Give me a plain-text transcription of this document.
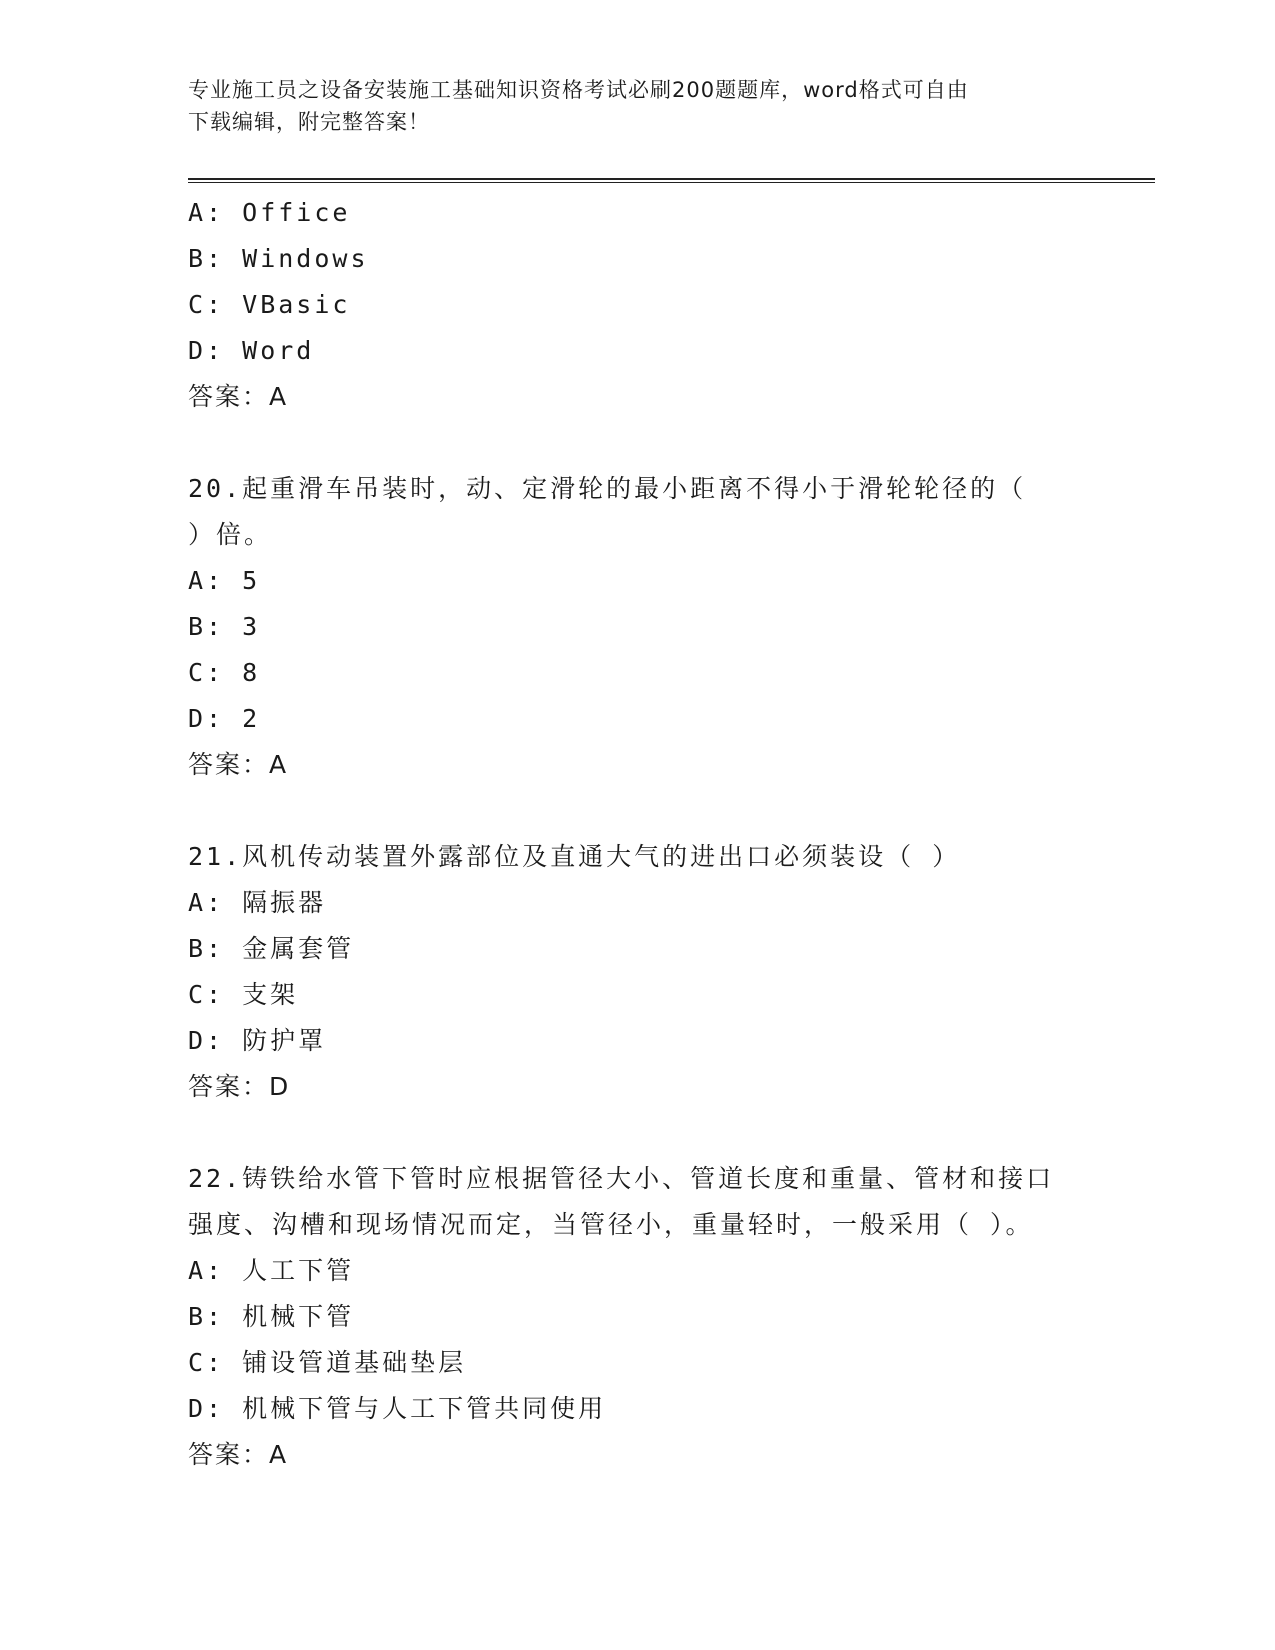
专业施工员之设备安装施工基础知识资格考试必刷200题题库，word格式可自由
下载编辑，附完整答案！
A: Office
B: Windows
C: VBasic
D: Word
答案：A
20.起重滑车吊装时，动、定滑轮的最小距离不得小于滑轮轮径的（
）倍。
A: 5
B: 3
C: 8
D: 2
答案：A
21.风机传动装置外露部位及直通大气的进出口必须装设（ ）
A: 隔振器
B: 金属套管
C: 支架
D: 防护罩
答案：D
22.铸铁给水管下管时应根据管径大小、管道长度和重量、管材和接口
强度、沟槽和现场情况而定，当管径小，重量轻时，一般采用（ ）。
A: 人工下管
B: 机械下管
C: 铺设管道基础垫层
D: 机械下管与人工下管共同使用
答案：A
